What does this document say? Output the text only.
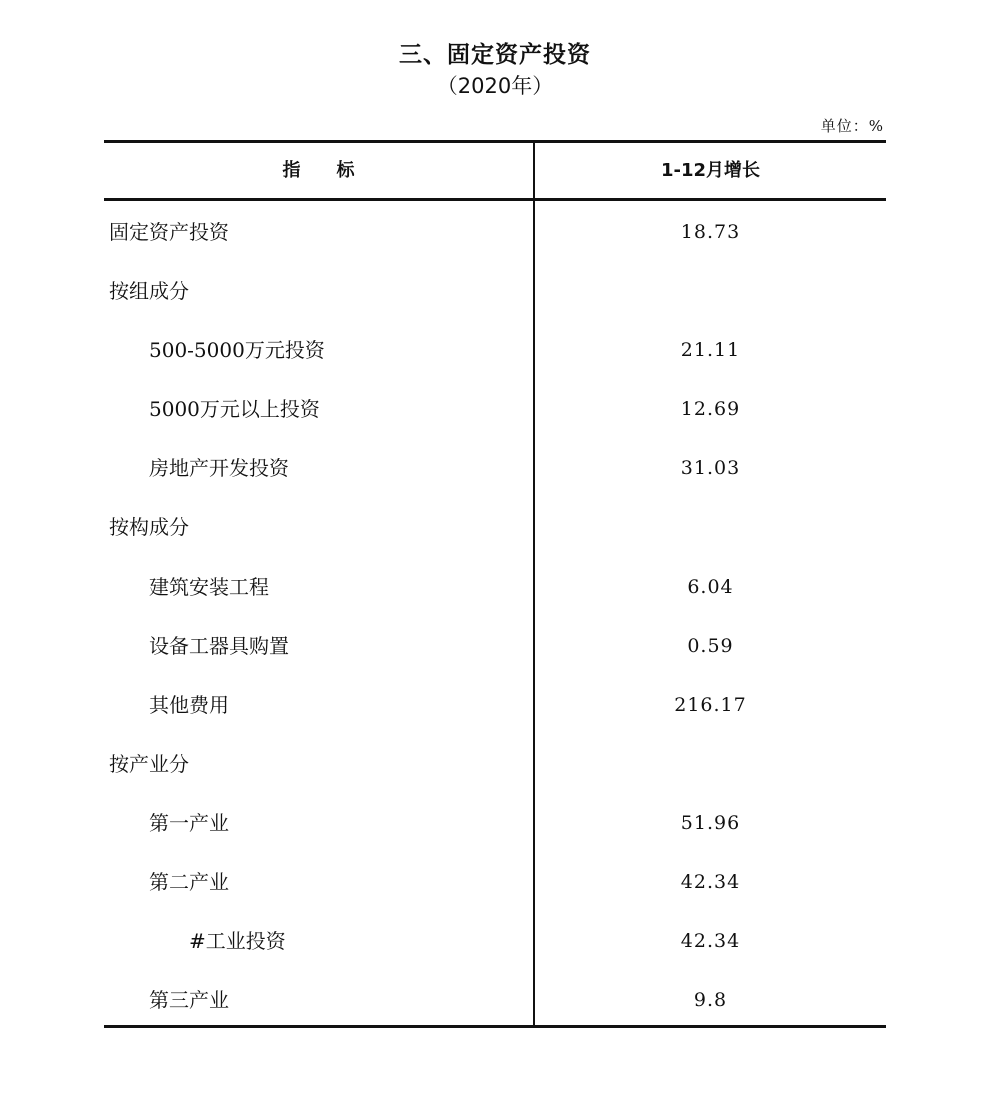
三、固定资产投资
（2020年）
单位：%
指标	1-12月增长
固定资产投资	18.73
按组成分
500-5000万元投资	21.11
5000万元以上投资	12.69
房地产开发投资	31.03
按构成分
建筑安装工程	6.04
设备工器具购置	0.59
其他费用	216.17
按产业分
第一产业	51.96
第二产业	42.34
#工业投资	42.34
第三产业	9.8
